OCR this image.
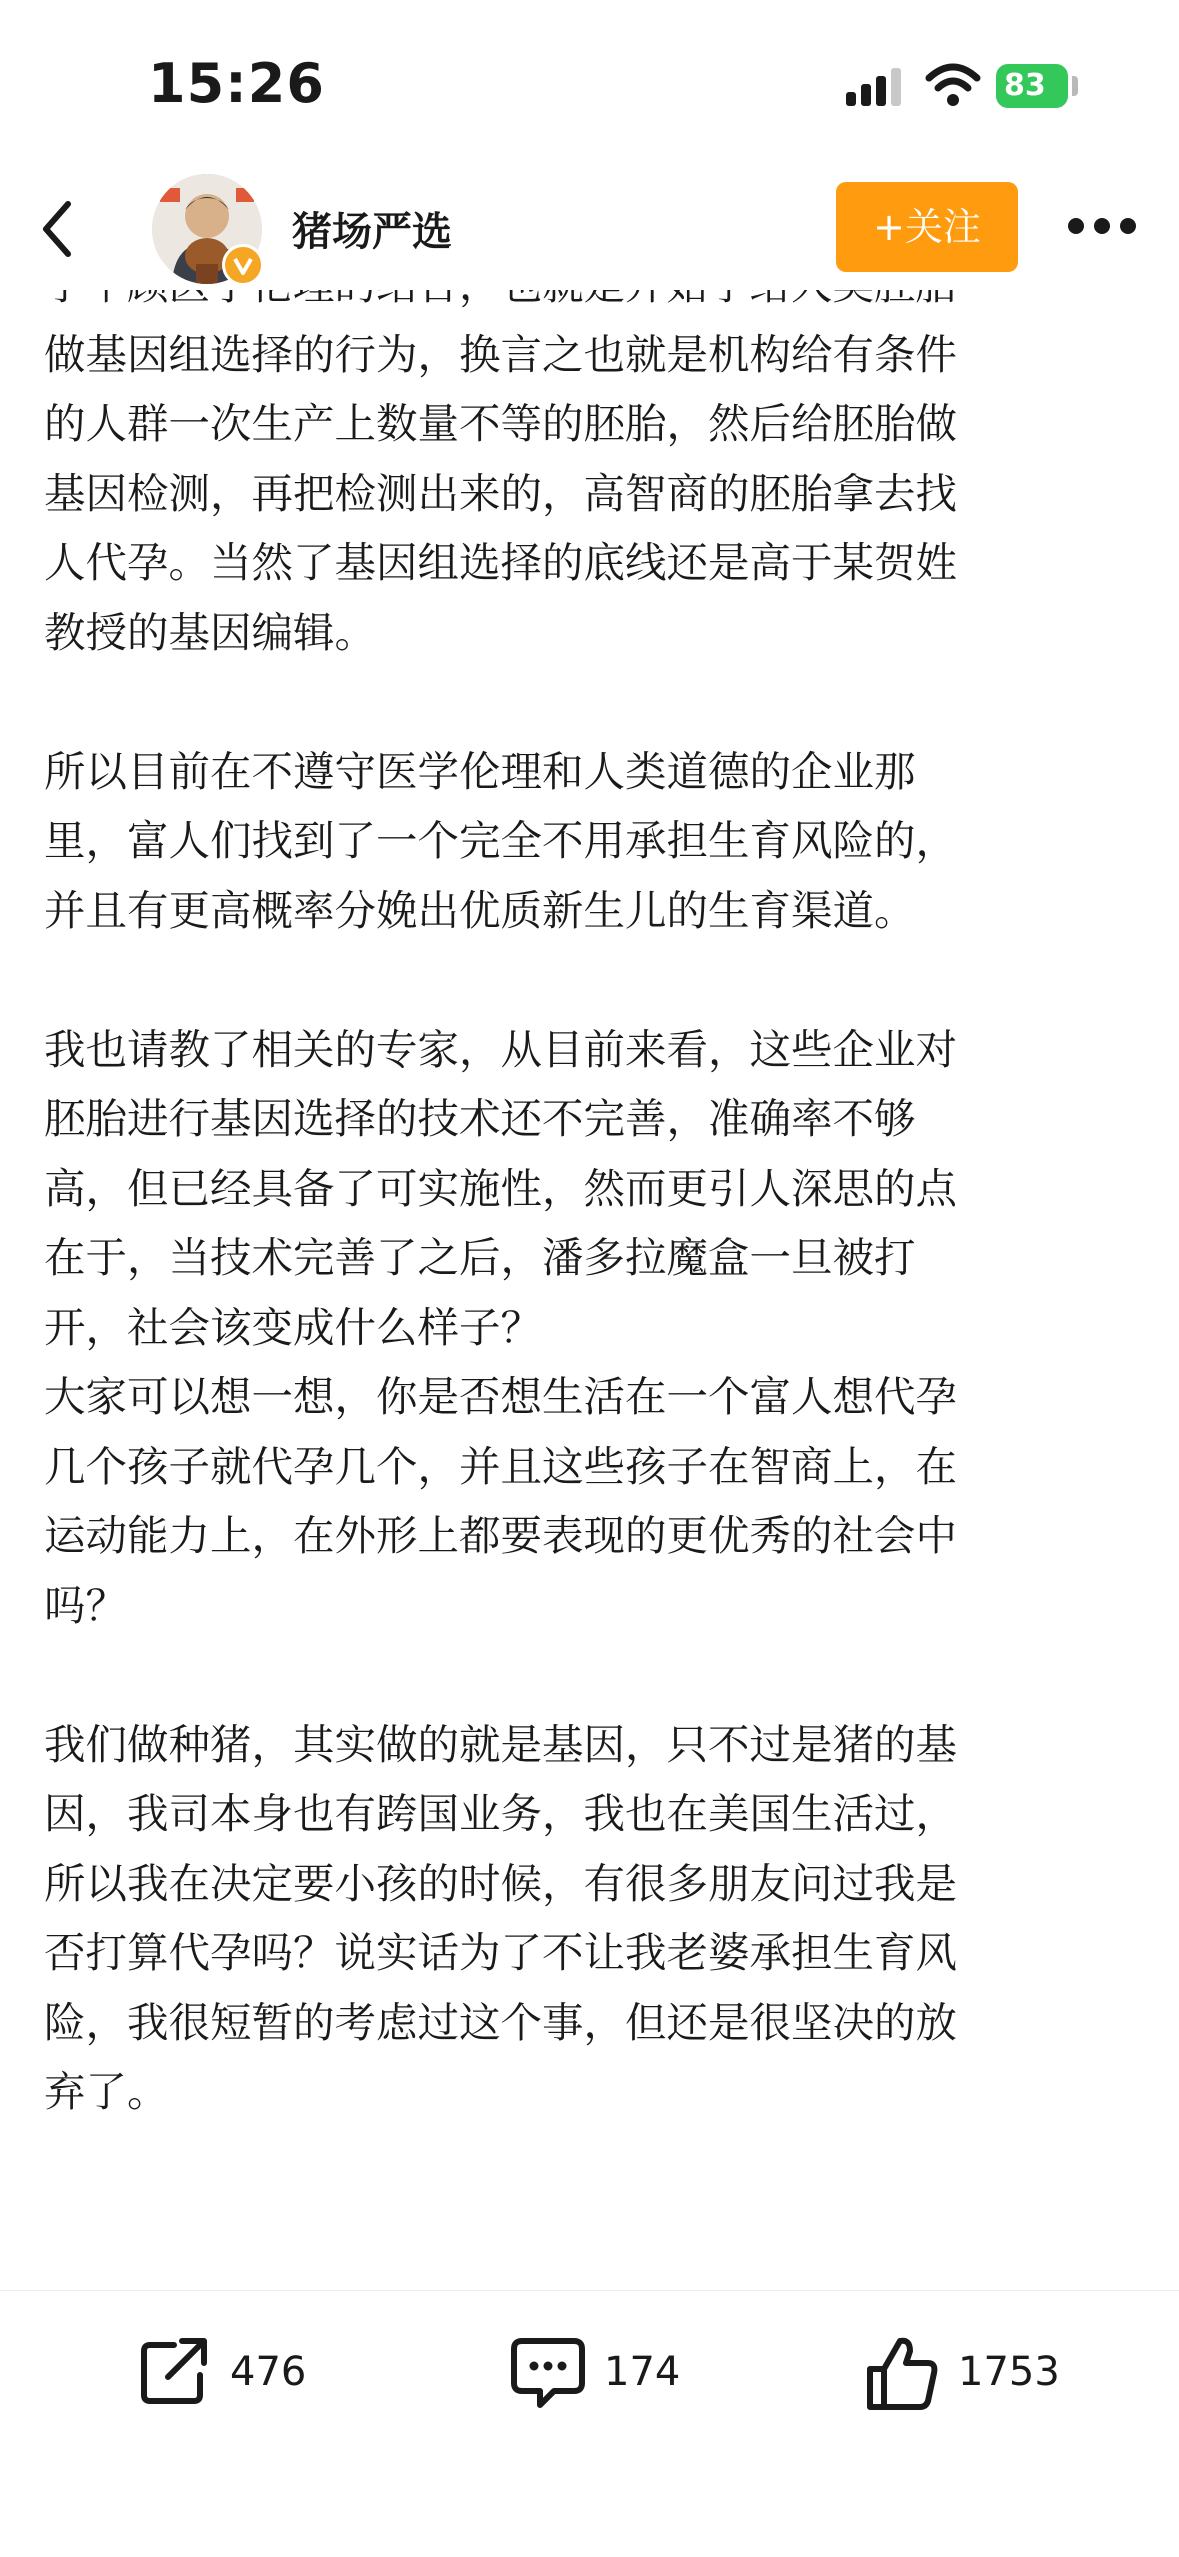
15:26	83
做基因组选择的行为，换言之也就是机构给有条件
的人群一次生产上数量不等的胚胎，然后给胚胎做
基因检测，再把检测出来的，高智商的胚胎拿去找
人代孕。当然了基因组选择的底线还是高于某贺姓
教授的基因编辑。
所以目前在不遵守医学伦理和人类道德的企业那
里，富人们找到了一个完全不用承担生育风险的，
并且有更高概率分娩出优质新生儿的生育渠道。
我也请教了相关的专家，从目前来看，这些企业对
胚胎进行基因选择的技术还不完善，准确率不够
高，但已经具备了可实施性，然而更引人深思的点
在于，当技术完善了之后，潘多拉魔盒一旦被打
开，社会该变成什么样子？
大家可以想一想，你是否想生活在一个富人想代孕
几个孩子就代孕几个，并且这些孩子在智商上，在
运动能力上，在外形上都要表现的更优秀的社会中
吗？
我们做种猪，其实做的就是基因，只不过是猪的基
因，我司本身也有跨国业务，我也在美国生活过，
所以我在决定要小孩的时候，有很多朋友问过我是
否打算代孕吗？说实话为了不让我老婆承担生育风
险，我很短暂的考虑过这个事，但还是很坚决的放
弃了。
猪场严选	+关注
476	174	1753
